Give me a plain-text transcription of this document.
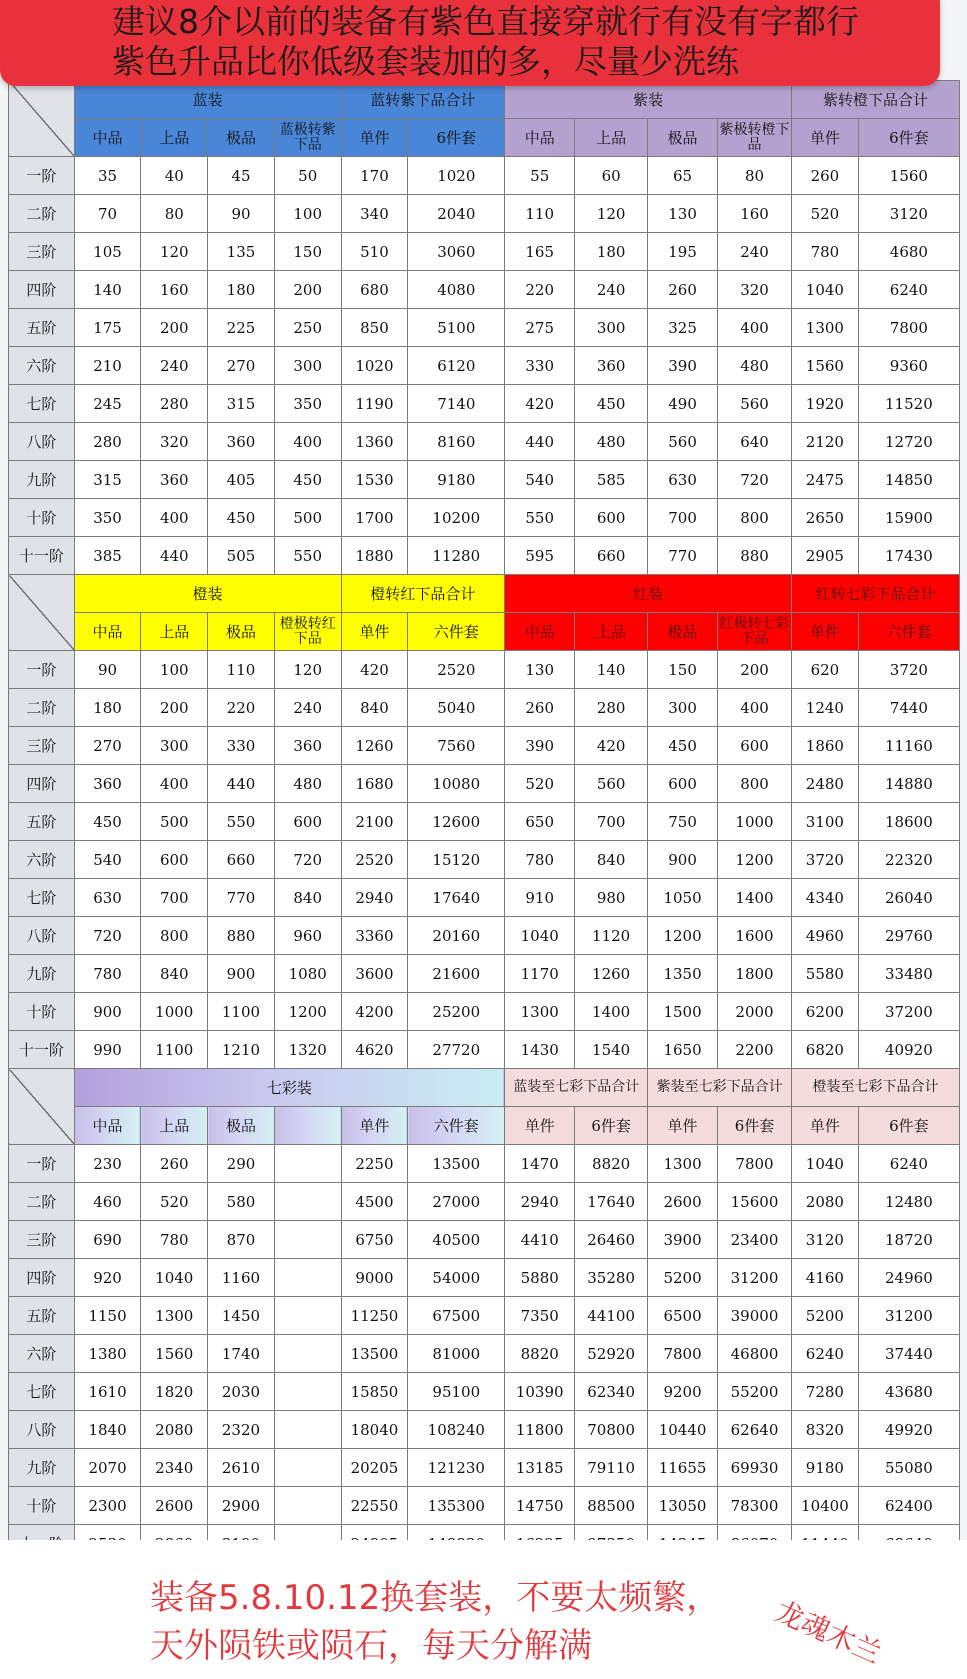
建议8介以前的装备有紫色直接穿就行有没有字都行
紫色升品比你低级套装加的多，尽量少洗练
	蓝装				蓝转紫下品合计		紫装				紫转橙下品合计	
	中品	上品	极品	蓝极转紫下品	单件	6件套	中品	上品	极品	紫极转橙下品	单件	6件套
一阶	35	40	45	50	170	1020	55	60	65	80	260	1560
二阶	70	80	90	100	340	2040	110	120	130	160	520	3120
三阶	105	120	135	150	510	3060	165	180	195	240	780	4680
四阶	140	160	180	200	680	4080	220	240	260	320	1040	6240
五阶	175	200	225	250	850	5100	275	300	325	400	1300	7800
六阶	210	240	270	300	1020	6120	330	360	390	480	1560	9360
七阶	245	280	315	350	1190	7140	420	450	490	560	1920	11520
八阶	280	320	360	400	1360	8160	440	480	560	640	2120	12720
九阶	315	360	405	450	1530	9180	540	585	630	720	2475	14850
十阶	350	400	450	500	1700	10200	550	600	700	800	2650	15900
十一阶	385	440	505	550	1880	11280	595	660	770	880	2905	17430
	橙装				橙转红下品合计		红装				红转七彩下品合计	
	中品	上品	极品	橙极转红下品	单件	六件套	中品	上品	极品	红极转七彩下品	单件	六件套
一阶	90	100	110	120	420	2520	130	140	150	200	620	3720
二阶	180	200	220	240	840	5040	260	280	300	400	1240	7440
三阶	270	300	330	360	1260	7560	390	420	450	600	1860	11160
四阶	360	400	440	480	1680	10080	520	560	600	800	2480	14880
五阶	450	500	550	600	2100	12600	650	700	750	1000	3100	18600
六阶	540	600	660	720	2520	15120	780	840	900	1200	3720	22320
七阶	630	700	770	840	2940	17640	910	980	1050	1400	4340	26040
八阶	720	800	880	960	3360	20160	1040	1120	1200	1600	4960	29760
九阶	780	840	900	1080	3600	21600	1170	1260	1350	1800	5580	33480
十阶	900	1000	1100	1200	4200	25200	1300	1400	1500	2000	6200	37200
十一阶	990	1100	1210	1320	4620	27720	1430	1540	1650	2200	6820	40920
	七彩装						蓝装至七彩下品合计		紫装至七彩下品合计		橙装至七彩下品合计	
	中品	上品	极品		单件	六件套	单件	6件套	单件	6件套	单件	6件套
一阶	230	260	290		2250	13500	1470	8820	1300	7800	1040	6240
二阶	460	520	580		4500	27000	2940	17640	2600	15600	2080	12480
三阶	690	780	870		6750	40500	4410	26460	3900	23400	3120	18720
四阶	920	1040	1160		9000	54000	5880	35280	5200	31200	4160	24960
五阶	1150	1300	1450		11250	67500	7350	44100	6500	39000	5200	31200
六阶	1380	1560	1740		13500	81000	8820	52920	7800	46800	6240	37440
七阶	1610	1820	2030		15850	95100	10390	62340	9200	55200	7280	43680
八阶	1840	2080	2320		18040	108240	11800	70800	10440	62640	8320	49920
九阶	2070	2340	2610		20205	121230	13185	79110	11655	69930	9180	55080
十阶	2300	2600	2900		22550	135300	14750	88500	13050	78300	10400	62400

装备5.8.10.12换套装，不要太频繁，
天外陨铁或陨石，每天分解满	龙魂木兰
